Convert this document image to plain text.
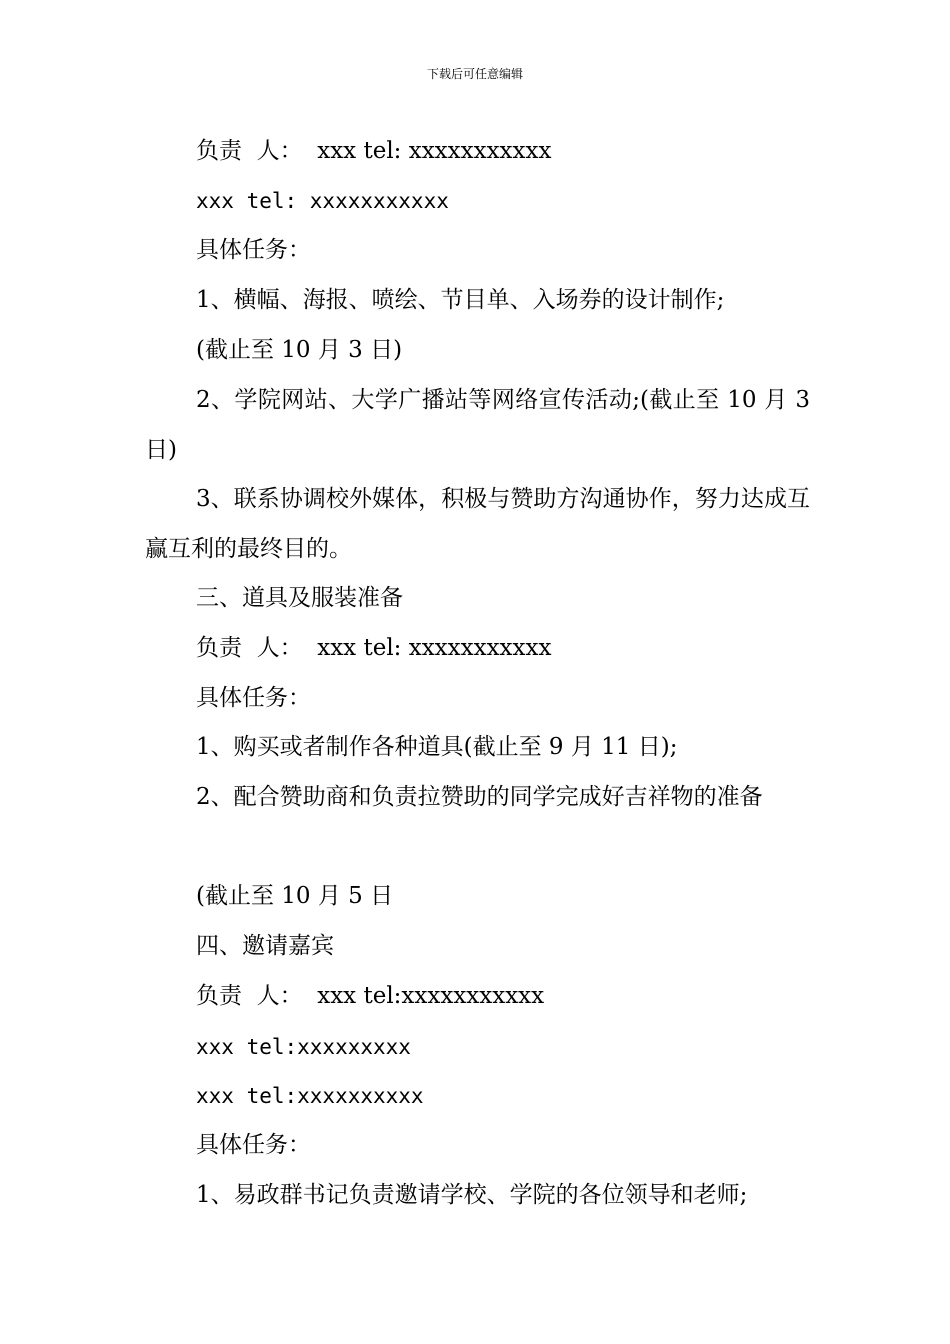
下载后可任意编辑
负责  人：  xxx tel: xxxxxxxxxxx
xxx tel: xxxxxxxxxxx
具体任务：
1、横幅、海报、喷绘、节目单、入场券的设计制作;
(截止至 10 月 3 日)
2、学院网站、大学广播站等网络宣传活动;(截止至 10 月 3 日)
3、联系协调校外媒体，积极与赞助方沟通协作，努力达成互赢互利的最终目的。
三、道具及服装准备
负责  人：  xxx tel: xxxxxxxxxxx
具体任务：
1、购买或者制作各种道具(截止至 9 月 11 日);
2、配合赞助商和负责拉赞助的同学完成好吉祥物的准备
(截止至 10 月 5 日
四、邀请嘉宾
负责  人：  xxx tel:xxxxxxxxxxx
xxx tel:xxxxxxxxx
xxx tel:xxxxxxxxxx
具体任务：
1、易政群书记负责邀请学校、学院的各位领导和老师;
